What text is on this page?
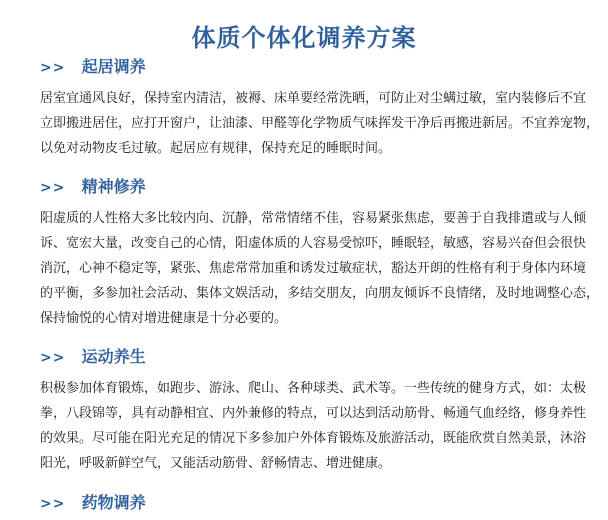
体质个体化调养方案
>> 起居调养
居室宜通风良好，保持室内清洁，被褥、床单要经常洗晒，可防止对尘螨过敏，室内装修后不宜
立即搬进居住，应打开窗户，让油漆、甲醛等化学物质气味挥发干净后再搬进新居。不宜养宠物，
以免对动物皮毛过敏。起居应有规律，保持充足的睡眠时间。
>> 精神修养
阳虚质的人性格大多比较内向、沉静，常常情绪不佳，容易紧张焦虑，要善于自我排遣或与人倾
诉、宽宏大量，改变自己的心情，阳虚体质的人容易受惊吓，睡眠轻，敏感，容易兴奋但会很快
消沉，心神不稳定等，紧张、焦虑常常加重和诱发过敏症状，豁达开朗的性格有利于身体内环境
的平衡，多参加社会活动、集体文娱活动，多结交朋友，向朋友倾诉不良情绪，及时地调整心态，
保持愉悦的心情对增进健康是十分必要的。
>> 运动养生
积极参加体育锻炼，如跑步、游泳、爬山、各种球类、武术等。一些传统的健身方式，如：太极
拳，八段锦等，具有动静相宜、内外兼修的特点，可以达到活动筋骨、畅通气血经络，修身养性
的效果。尽可能在阳光充足的情况下多参加户外体育锻炼及旅游活动，既能欣赏自然美景，沐浴
阳光，呼吸新鲜空气，又能活动筋骨、舒畅情志、增进健康。
>> 药物调养
